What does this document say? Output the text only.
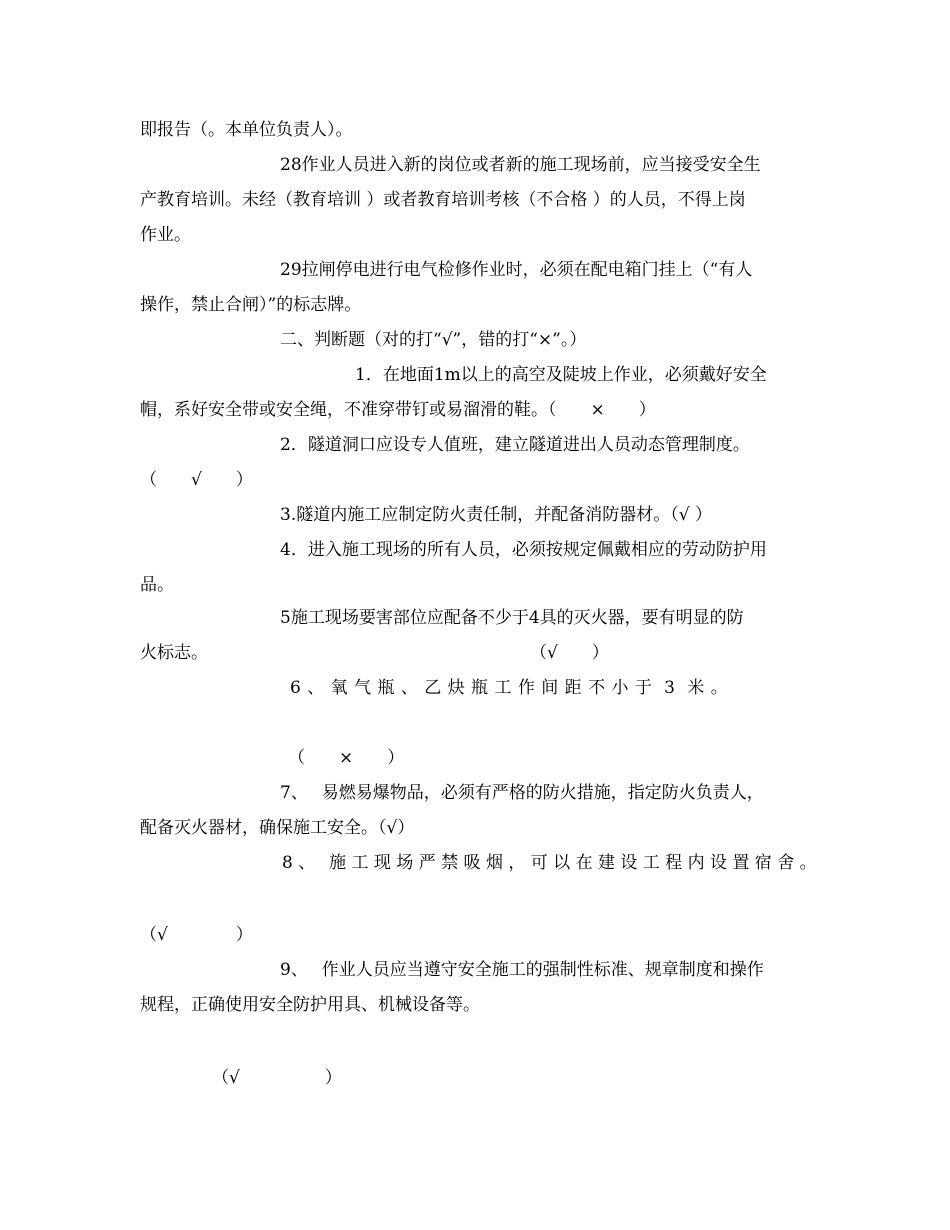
即报告（。本单位负责人）。
28作业人员进入新的岗位或者新的施工现场前，应当接受安全生
产教育培训。未经（教育培训 ）或者教育培训考核（不合格 ）的人员，不得上岗
作业。
29拉闸停电进行电气检修作业时，必须在配电箱门挂上（“有人
操作，禁止合闸）”的标志牌。
二、判断题（对的打“√”，错的打“×”。）
1．在地面1m以上的高空及陡坡上作业，必须戴好安全
帽，系好安全带或安全绳，不准穿带钉或易溜滑的鞋。（　　×　　）
2．隧道洞口应设专人值班，建立隧道进出人员动态管理制度。
（　　√　　）
3.隧道内施工应制定防火责任制，并配备消防器材。（√ ）
4．进入施工现场的所有人员，必须按规定佩戴相应的劳动防护用
品。
5施工现场要害部位应配备不少于4具的灭火器，要有明显的防
火标志。	（√　　）
6 、 氧 气 瓶 、 乙 炔 瓶 工 作 间 距 不 小 于  3  米 。
（　　×　　）
7、　 易燃易爆物品，必须有严格的防火措施，指定防火负责人，
配备灭火器材，确保施工安全。（√）
8 、　 施 工 现 场 严 禁 吸 烟 ， 可 以 在 建 设 工 程 内 设 置 宿 舍 。
（√　　　　）
9、　 作业人员应当遵守安全施工的强制性标准、规章制度和操作
规程，正确使用安全防护用具、机械设备等。
（√　　　　　）
